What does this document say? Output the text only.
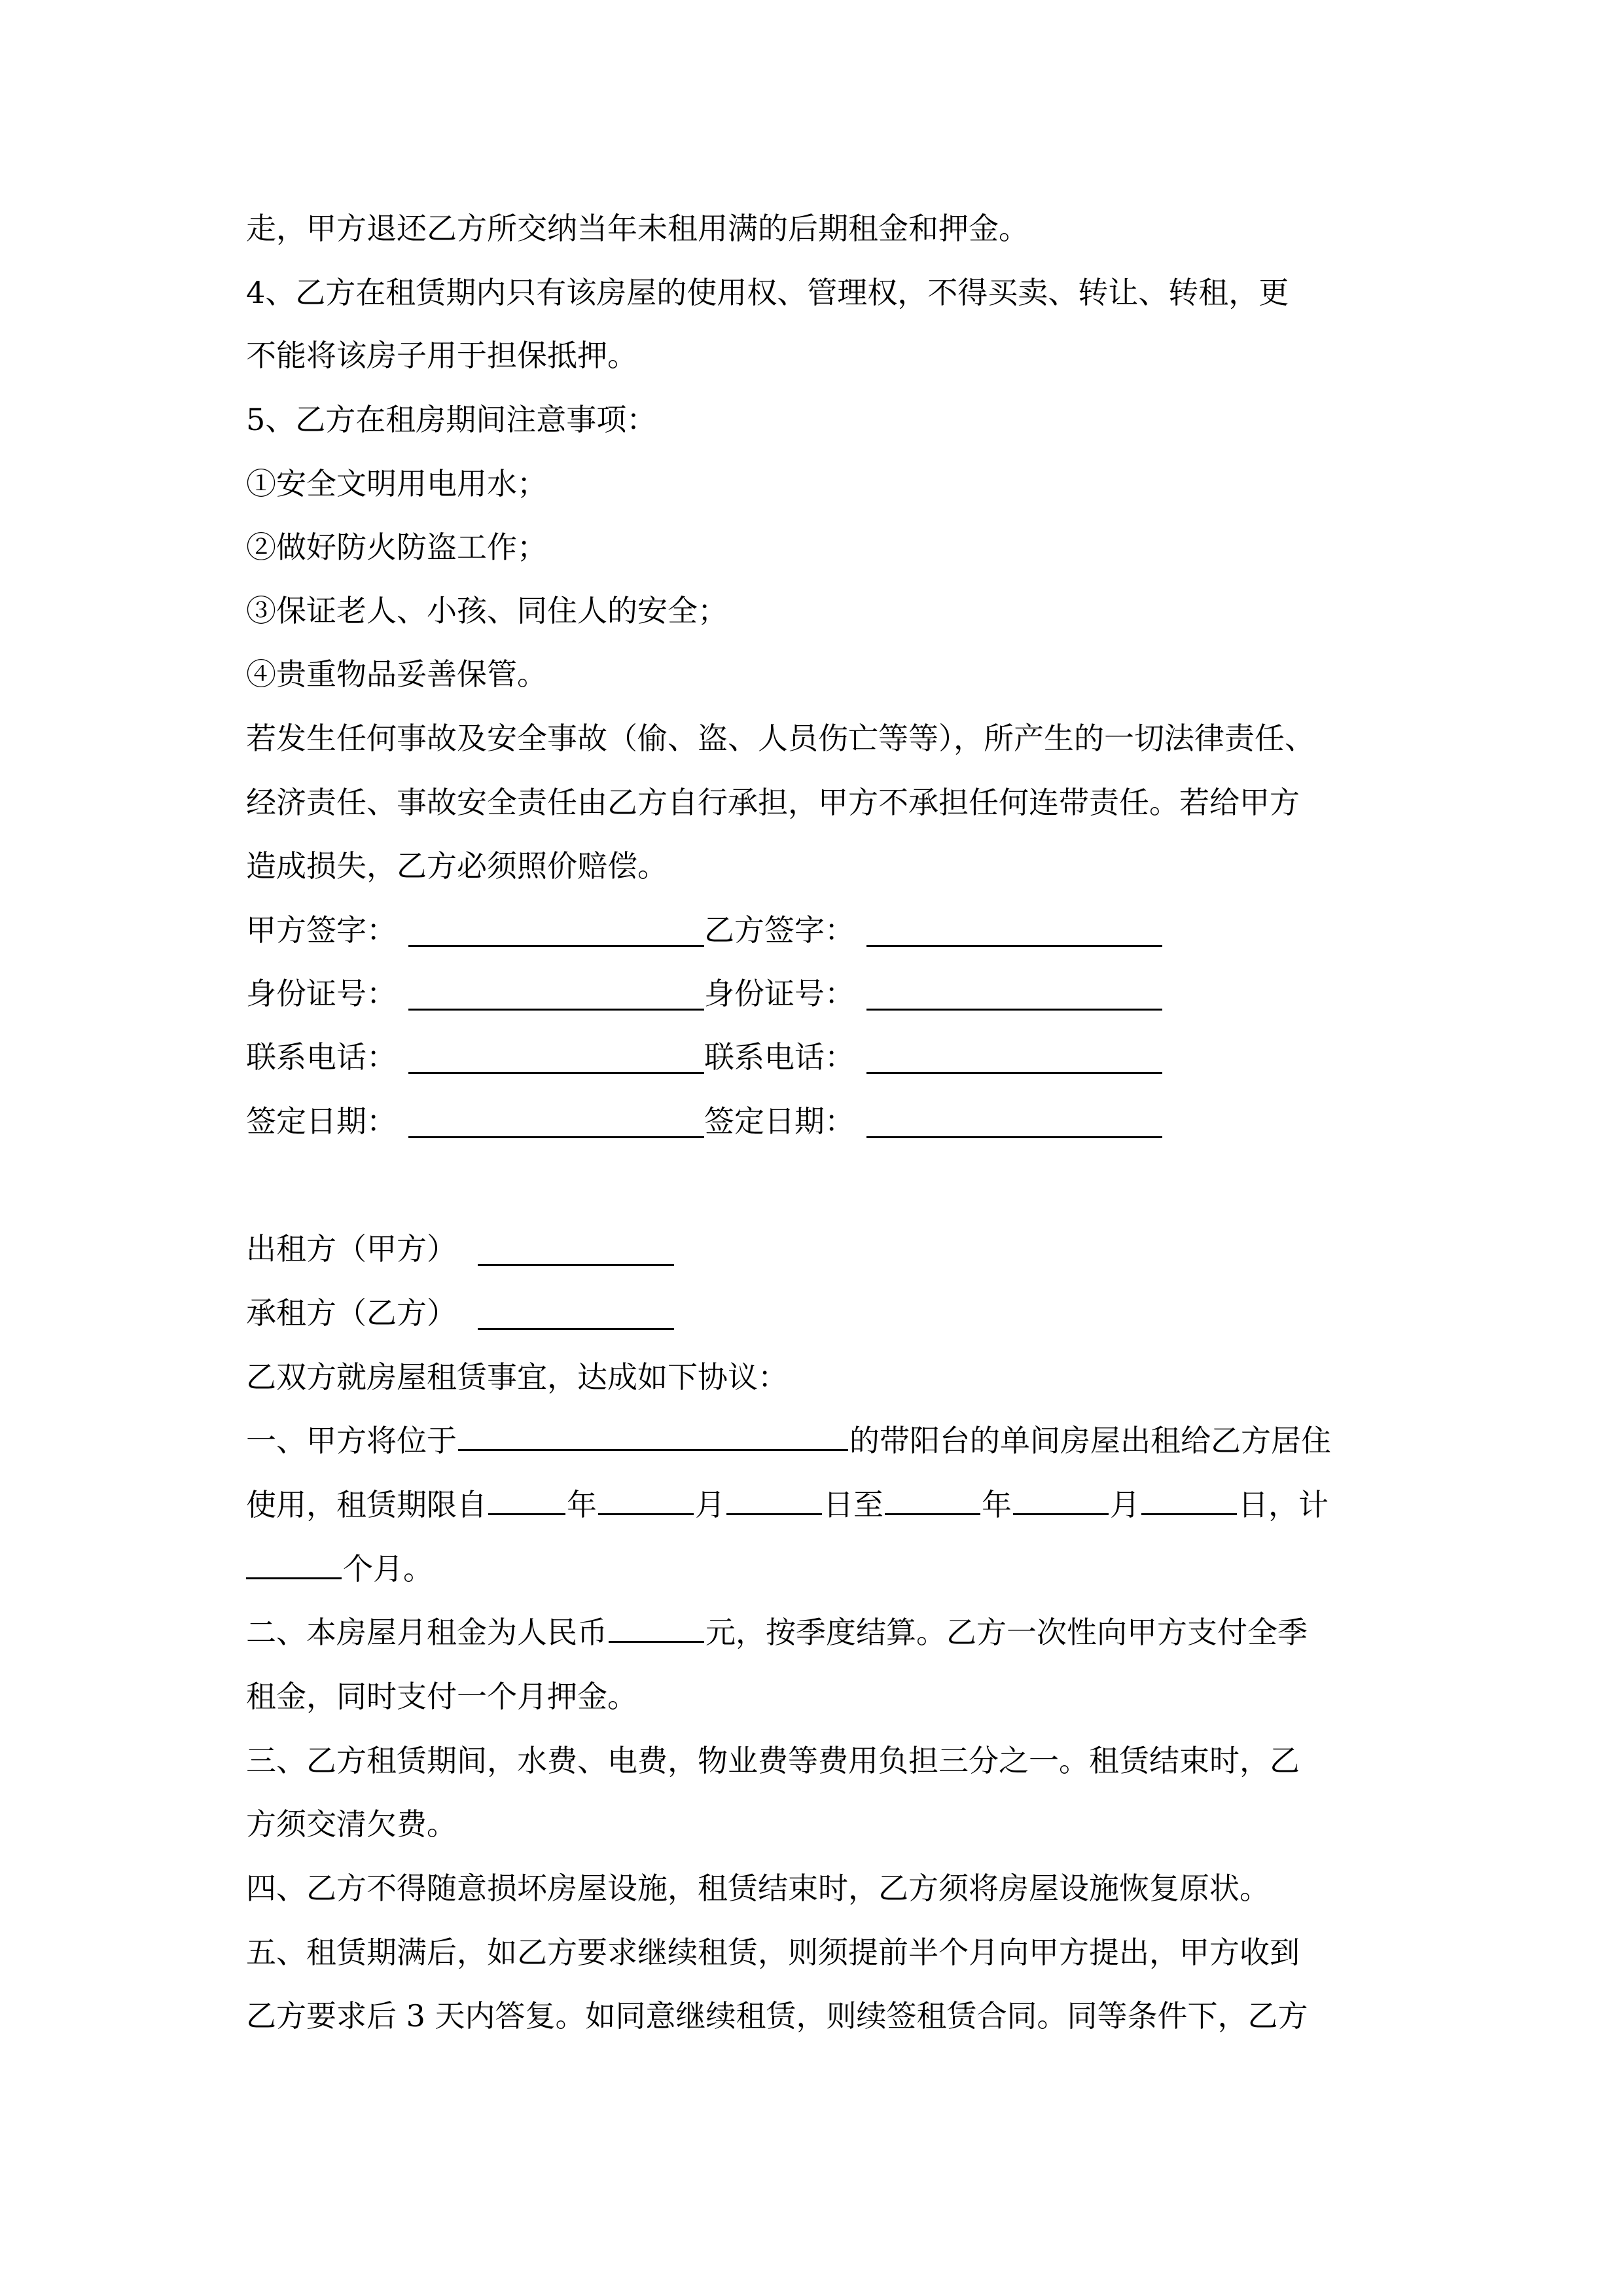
走，甲方退还乙方所交纳当年未租用满的后期租金和押金。
4、乙方在租赁期内只有该房屋的使用权、管理权，不得买卖、转让、转租，更
不能将该房子用于担保抵押。
5、乙方在租房期间注意事项：
①安全文明用电用水；
②做好防火防盗工作；
③保证老人、小孩、同住人的安全；
④贵重物品妥善保管。
若发生任何事故及安全事故（偷、盗、人员伤亡等等），所产生的一切法律责任、
经济责任、事故安全责任由乙方自行承担，甲方不承担任何连带责任。若给甲方
造成损失，乙方必须照价赔偿。
甲方签字：	乙方签字：
身份证号：	身份证号：
联系电话：	联系电话：
签定日期：	签定日期：
出租方（甲方）
承租方（乙方）
乙双方就房屋租赁事宜，达成如下协议：
一、甲方将位于	的带阳台的单间房屋出租给乙方居住
使用，租赁期限自	年	月	日至	年	月	日，计
个月。
二、本房屋月租金为人民币	元，按季度结算。乙方一次性向甲方支付全季
租金，同时支付一个月押金。
三、乙方租赁期间，水费、电费，物业费等费用负担三分之一。租赁结束时，乙
方须交清欠费。
四、乙方不得随意损坏房屋设施，租赁结束时，乙方须将房屋设施恢复原状。
五、租赁期满后，如乙方要求继续租赁，则须提前半个月向甲方提出，甲方收到
乙方要求后 3 天内答复。如同意继续租赁，则续签租赁合同。同等条件下，乙方
